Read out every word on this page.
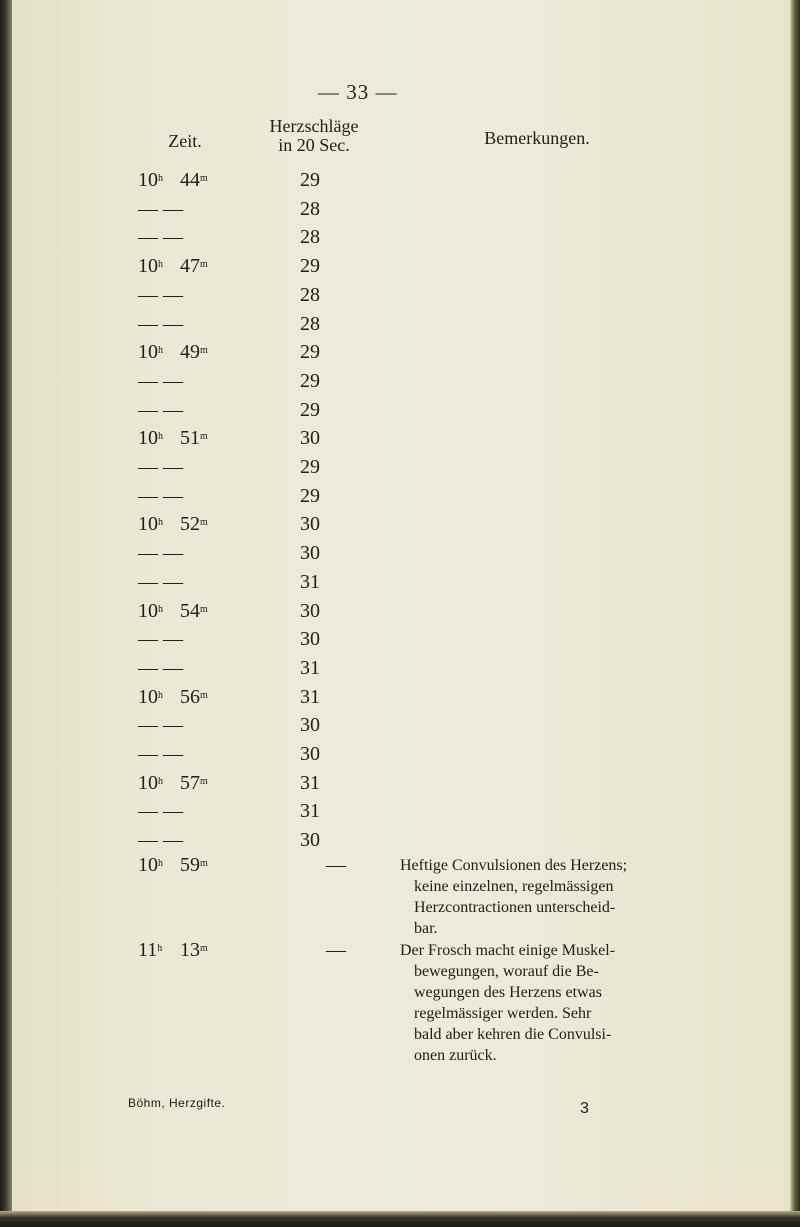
— 33 —
Zeit.
Herzschläge
in 20 Sec.	Bemerkungen.
10$^h$ 44$^m$	29
— —	28
— —	28
10$^h$ 47$^m$	29
— —	28
— —	28
10$^h$ 49$^m$	29
— —	29
— —	29
10$^h$ 51$^m$	30
— —	29
— —	29
10$^h$ 52$^m$	30
— —	30
— —	31
10$^h$ 54$^m$	30
— —	30
— —	31
10$^h$ 56$^m$	31
— —	30
— —	30
10$^h$ 57$^m$	31
— —	31
— —	30
10$^h$ 59$^m$	—	Heftige Convulsionen des Herzens;
keine einzelnen, regelmässigen
Herzcontractionen unterscheid-
bar.
11$^h$ 13$^m$	—	Der Frosch macht einige Muskel-
bewegungen, worauf die Be-
wegungen des Herzens etwas
regelmässiger werden. Sehr
bald aber kehren die Convulsi-
onen zurück.
Böhm, Herzgifte.	3
